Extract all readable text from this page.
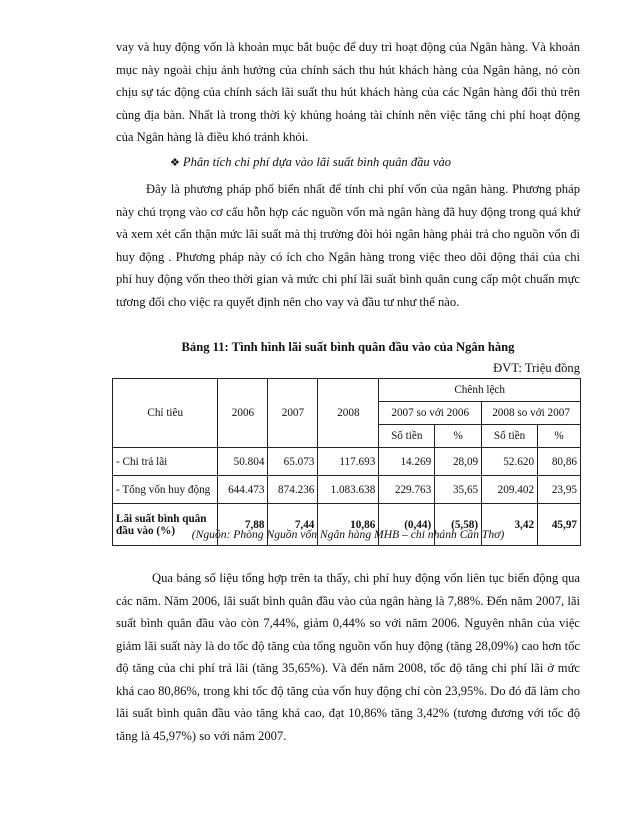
vay và huy động vốn là khoản mục bắt buộc để duy trì hoạt động của Ngân hàng. Và khoản mục này ngoài chịu ảnh hưởng của chính sách thu hút khách hàng của Ngân hàng, nó còn chịu sự tác động của chính sách lãi suất thu hút khách hàng của các Ngân hàng đối thủ trên cùng địa bàn. Nhất là trong thời kỳ khủng hoảng tài chính nên việc tăng chi phí hoạt động của Ngân hàng là điều khó tránh khỏi.

❖ Phân tích chi phí dựa vào lãi suất bình quân đầu vào

Đây là phương pháp phổ biến nhất để tính chi phí vốn của ngân hàng. Phương pháp này chú trọng vào cơ cấu hỗn hợp các nguồn vốn mà ngân hàng đã huy động trong quá khứ và xem xét cẩn thận mức lãi suất mà thị trường đòi hỏi ngân hàng phải trả cho nguồn vốn đi huy động . Phương pháp này có ích cho Ngân hàng trong việc theo dõi động thái của chi phí huy động vốn theo thời gian và mức chi phí lãi suất bình quân cung cấp một chuẩn mực tương đối cho việc ra quyết định nên cho vay và đầu tư như thế nào.

Bảng 11: Tình hình lãi suất bình quân đầu vào của Ngân hàng
ĐVT: Triệu đồng
Chỉ tiêu	2006	2007	2008	Chênh lệch			
				2007 so với 2006		2008 so với 2007	
				Số tiền	%	Số tiền	%
- Chi trả lãi	50.804	65.073	117.693	14.269	28,09	52.620	80,86
- Tổng vốn huy động	644.473	874.236	1.083.638	229.763	35,65	209.402	23,95
Lãi suất bình quân
đầu vào (%)	7,88	7,44	10,86	(0,44)	(5,58)	3,42	45,97
(Nguồn: Phòng Nguồn vốn Ngân hàng MHB – chi nhánh Cần Thơ)

Qua bảng số liệu tổng hợp trên ta thấy, chi phí huy động vốn liên tục biến động qua các năm. Năm 2006, lãi suất bình quân đầu vào của ngân hàng là 7,88%. Đến năm 2007, lãi suất bình quân đầu vào còn 7,44%, giảm 0,44% so với năm 2006. Nguyên nhân của việc giảm lãi suất này là do tốc độ tăng của tổng nguồn vốn huy động (tăng 28,09%) cao hơn tốc độ tăng của chi phí trả lãi (tăng 35,65%). Và đến năm 2008, tốc độ tăng chi phí lãi ở mức khá cao 80,86%, trong khi tốc độ tăng của vốn huy động chỉ còn 23,95%. Do đó đã làm cho lãi suất bình quân đầu vào tăng khá cao, đạt 10,86% tăng 3,42% (tương đương với tốc độ tăng là 45,97%) so với năm 2007.
